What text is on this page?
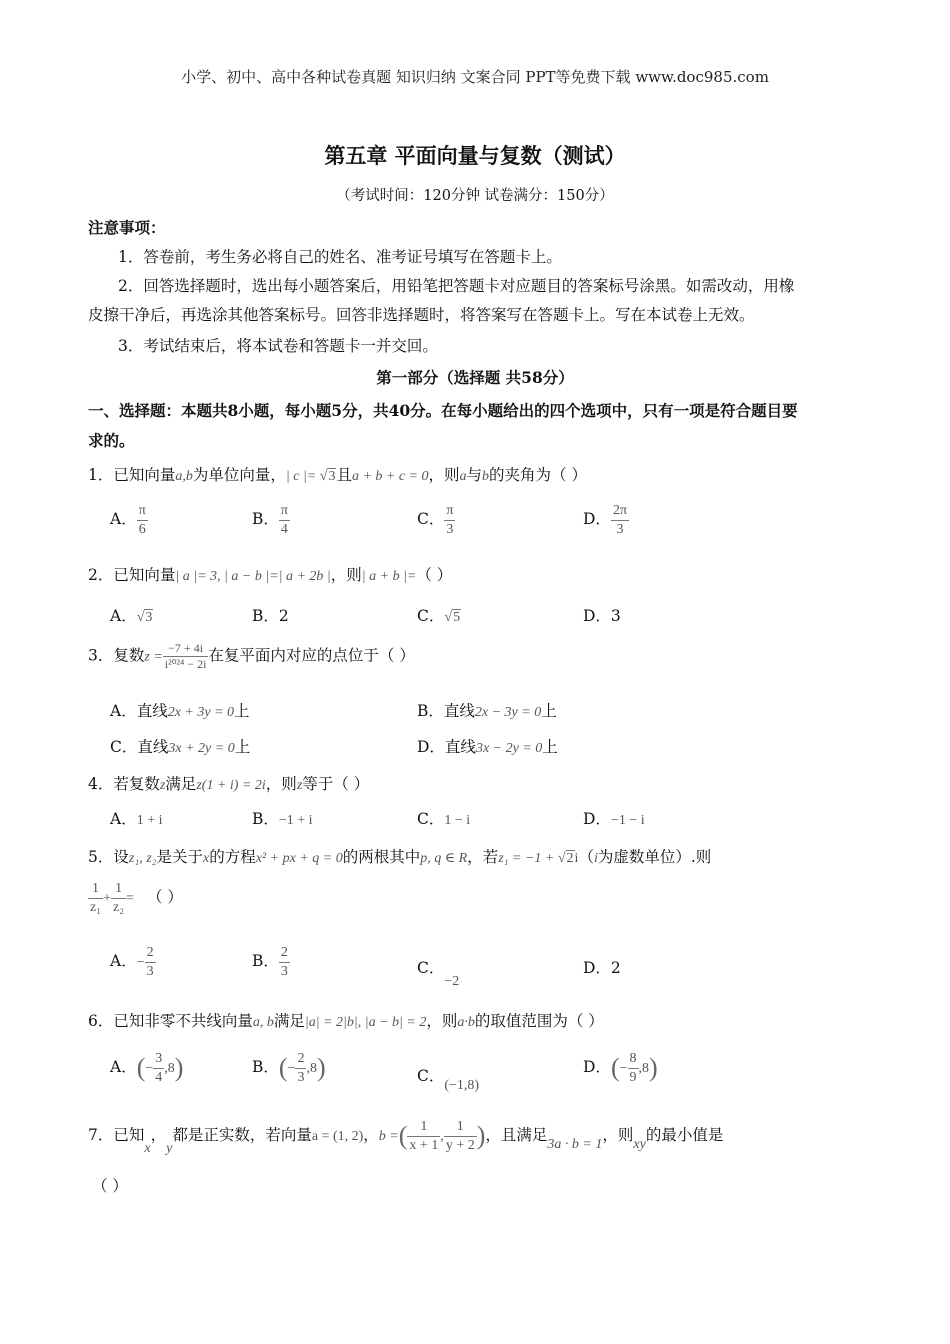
小学、初中、高中各种试卷真题 知识归纳 文案合同 PPT等免费下载 www.doc985.com
第五章 平面向量与复数（测试）
（考试时间：120分钟 试卷满分：150分）
注意事项：
1．答卷前，考生务必将自己的姓名、准考证号填写在答题卡上。
2．回答选择题时，选出每小题答案后，用铅笔把答题卡对应题目的答案标号涂黑。如需改动，用橡
皮擦干净后，再选涂其他答案标号。回答非选择题时，将答案写在答题卡上。写在本试卷上无效。
3．考试结束后，将本试卷和答题卡一并交回。
第一部分（选择题 共58分）
一、选择题：本题共8小题，每小题5分，共40分。在每小题给出的四个选项中，只有一项是符合题目要
求的。
1．已知向量a,b为单位向量，| c |= √3且a + b + c = 0，则a与b的夹角为（ ）
A． $\frac{\pi}{6}$	B． $\frac{\pi}{4}$	C． $\frac{\pi}{3}$	D． $\frac{2\pi}{3}$
2．已知向量| a |= 3, | a − b |=| a + 2b |，则| a + b |=（ ）
A．√3	B．2	C．√5	D．3
3．复数$z = \frac{-7 + 4i}{\text{i²⁰²⁴ − 2i}}$ 在复平面内对应的点位于（ ）
A．直线2x + 3y = 0上	B．直线2x − 3y = 0上
C．直线3x + 2y = 0上	D．直线3x − 2y = 0上
4．若复数z满足z(1 + i) = 2i，则z等于（ ）
A．1 + i	B．−1 + i	C．1 − i	D．−1 − i
5．设z₁, z₂是关于x的方程x² + px + q = 0的两根其中p, q ∈ R，若z₁ = −1 + √2i（i为虚数单位）.则
$\frac{1}{\text{z₁}} + \frac{1}{\text{z₂}}$ = （ ）
A．− $\frac{2}{3}$	B． $\frac{2}{3}$	C．−2
D．2
6．已知非零不共线向量a, b满足|a| = 2|b|, |a − b| = 2，则a·b的取值范围为（ ）
A．(− $\frac{3}{4} ,8$)	B．(− $\frac{2}{3} ,8$)	C．(−1,8)
D．(− $\frac{8}{9} ,8$)
7．已知x，y都是正实数，若向量a = (1, 2)，b =( $\frac{1}{x + 1}$ , $\frac{1}{y + 2}$ )，且满足3a · b = 1，则xy的最小值是
（ ）
